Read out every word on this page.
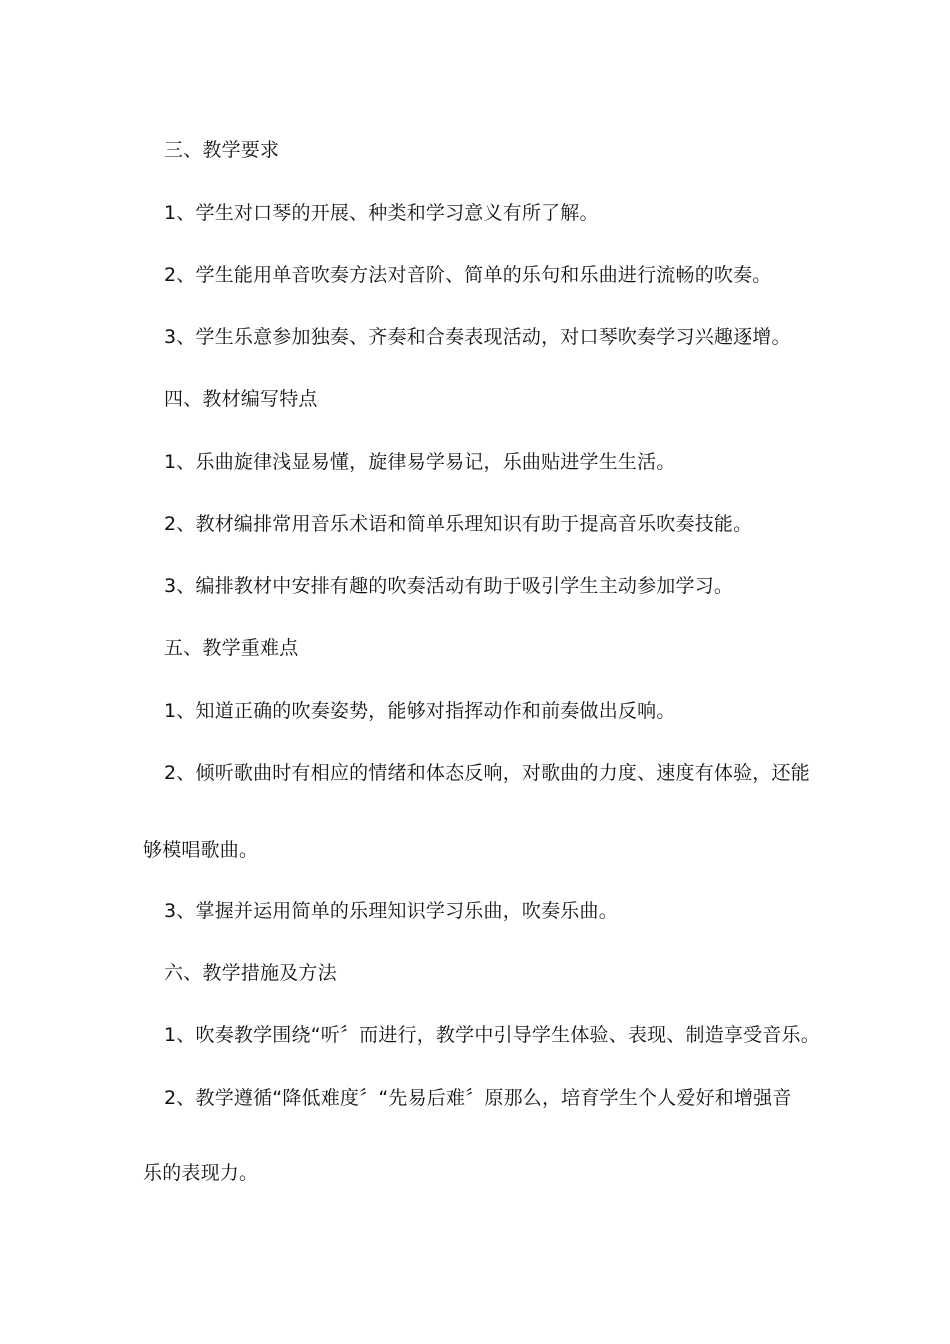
三、教学要求
1、学生对口琴的开展、种类和学习意义有所了解。
2、学生能用单音吹奏方法对音阶、简单的乐句和乐曲进行流畅的吹奏。
3、学生乐意参加独奏、齐奏和合奏表现活动，对口琴吹奏学习兴趣逐增。
四、教材编写特点
1、乐曲旋律浅显易懂，旋律易学易记，乐曲贴进学生生活。
2、教材编排常用音乐术语和简单乐理知识有助于提高音乐吹奏技能。
3、编排教材中安排有趣的吹奏活动有助于吸引学生主动参加学习。
五、教学重难点
1、知道正确的吹奏姿势，能够对指挥动作和前奏做出反响。
2、倾听歌曲时有相应的情绪和体态反响，对歌曲的力度、速度有体验，还能
够模唱歌曲。
3、掌握并运用简单的乐理知识学习乐曲，吹奏乐曲。
六、教学措施及方法
1、吹奏教学围绕“听〞而进行，教学中引导学生体验、表现、制造享受音乐。
2、教学遵循“降低难度〞“先易后难〞原那么，培育学生个人爱好和增强音
乐的表现力。
